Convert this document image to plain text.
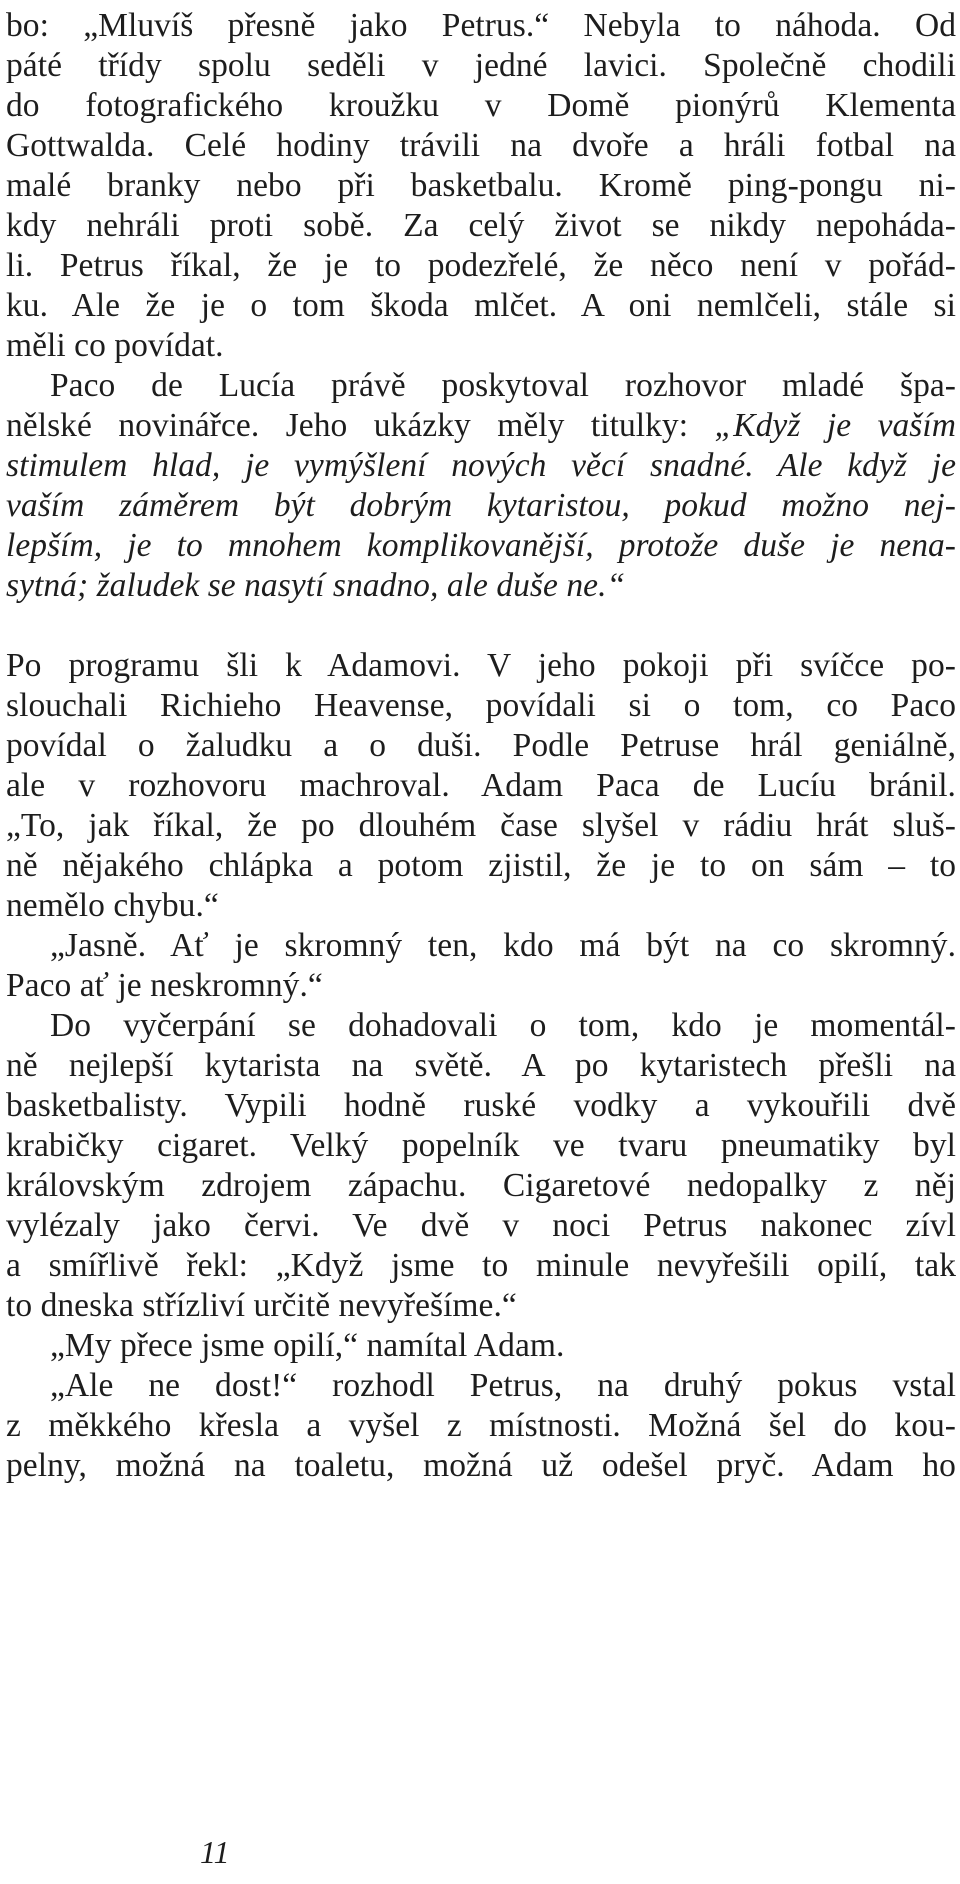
bo: „Mluvíš přesně jako Petrus.“ Nebyla to náhoda. Od
páté třídy spolu seděli v jedné lavici. Společně chodili
do fotografického kroužku v Domě pionýrů Klementa
Gottwalda. Celé hodiny trávili na dvoře a hráli fotbal na
malé branky nebo při basketbalu. Kromě ping-pongu ni-
kdy nehráli proti sobě. Za celý život se nikdy nepoháda-
li. Petrus říkal, že je to podezřelé, že něco není v pořád-
ku. Ale že je o tom škoda mlčet. A oni nemlčeli, stále si
měli co povídat.
Paco de Lucía právě poskytoval rozhovor mladé špa-
nělské novinářce. Jeho ukázky měly titulky: „Když je vaším
stimulem hlad, je vymýšlení nových věcí snadné. Ale když je
vaším záměrem být dobrým kytaristou, pokud možno nej-
lepším, je to mnohem komplikovanější, protože duše je nena-
sytná; žaludek se nasytí snadno, ale duše ne.“
Po programu šli k Adamovi. V jeho pokoji při svíčce po-
slouchali Richieho Heavense, povídali si o tom, co Paco
povídal o žaludku a o duši. Podle Petruse hrál geniálně,
ale v rozhovoru machroval. Adam Paca de Lucíu bránil.
„To, jak říkal, že po dlouhém čase slyšel v rádiu hrát sluš-
ně nějakého chlápka a potom zjistil, že je to on sám – to
nemělo chybu.“
„Jasně. Ať je skromný ten, kdo má být na co skromný.
Paco ať je neskromný.“
Do vyčerpání se dohadovali o tom, kdo je momentál-
ně nejlepší kytarista na světě. A po kytaristech přešli na
basketbalisty. Vypili hodně ruské vodky a vykouřili dvě
krabičky cigaret. Velký popelník ve tvaru pneumatiky byl
královským zdrojem zápachu. Cigaretové nedopalky z něj
vylézaly jako červi. Ve dvě v noci Petrus nakonec zívl
a smířlivě řekl: „Když jsme to minule nevyřešili opilí, tak
to dneska střízliví určitě nevyřešíme.“
„My přece jsme opilí,“ namítal Adam.
„Ale ne dost!“ rozhodl Petrus, na druhý pokus vstal
z měkkého křesla a vyšel z místnosti. Možná šel do kou-
pelny, možná na toaletu, možná už odešel pryč. Adam ho
11
